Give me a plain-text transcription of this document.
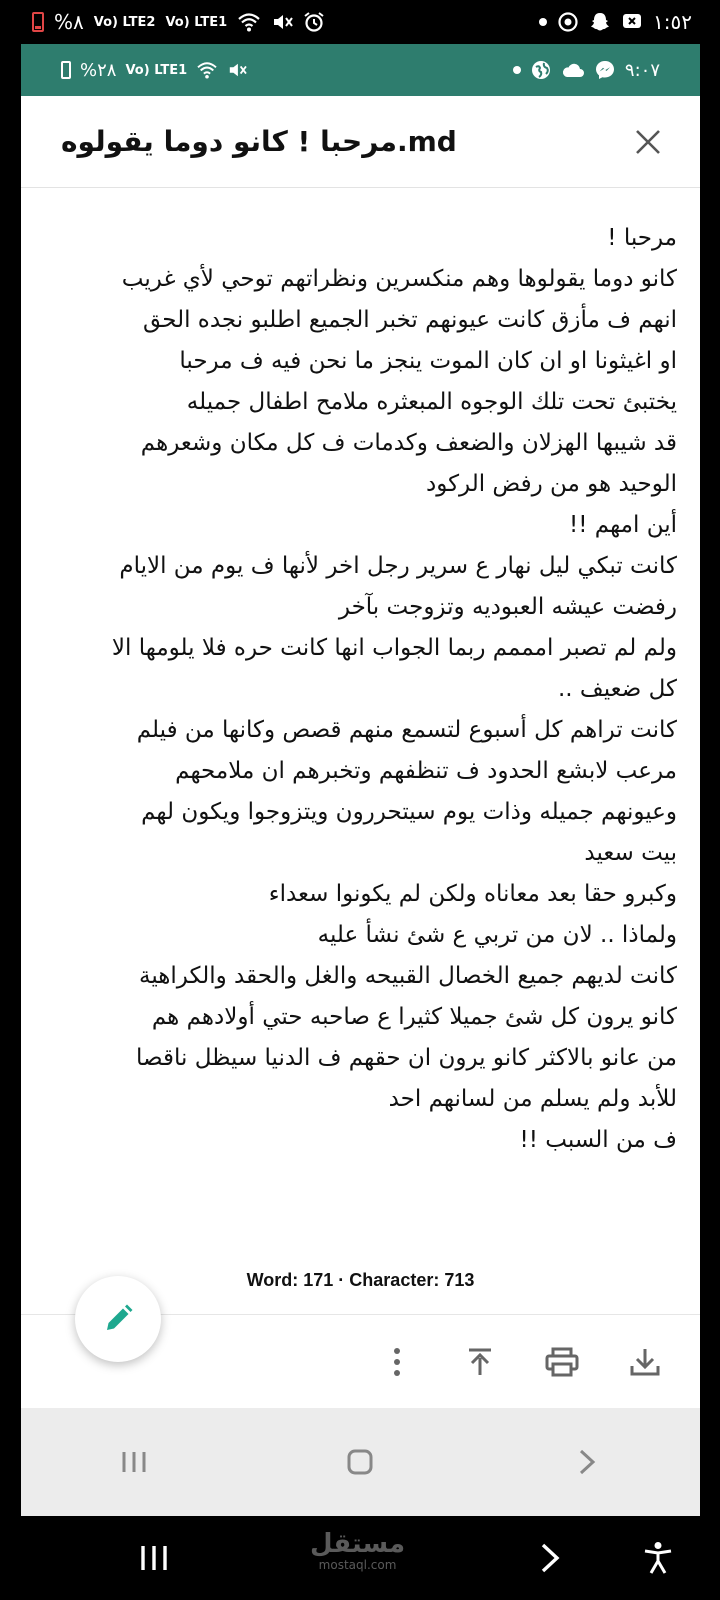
%٨ Vo) LTE2 Vo) LTE1	١:٥٢
%٢٨ Vo) LTE1	٩:٠٧
مرحبا ! كانو دوما يقولوه.md
مرحبا !
كانو دوما يقولوها وهم منكسرين ونظراتهم توحي لأي غريب
انهم ف مأزق كانت عيونهم تخبر الجميع اطلبو نجده الحق
او اغيثونا او ان كان الموت ينجز ما نحن فيه ف مرحبا
يختبئ تحت تلك الوجوه المبعثره ملامح اطفال جميله
قد شيبها الهزلان والضعف وكدمات ف كل مكان وشعرهم
الوحيد هو من رفض الركود
أين امهم !!
كانت تبكي ليل نهار ع سرير رجل اخر لأنها ف يوم من الايام
رفضت عيشه العبوديه وتزوجت بآخر
ولم لم تصبر امممم ربما الجواب انها كانت حره فلا يلومها الا
كل ضعيف ..
كانت تراهم كل أسبوع لتسمع منهم قصص وكانها من فيلم
مرعب لابشع الحدود ف تنظفهم وتخبرهم ان ملامحهم
وعيونهم جميله وذات يوم سيتحررون ويتزوجوا ويكون لهم
بيت سعيد
وكبرو حقا بعد معاناه ولكن لم يكونوا سعداء
ولماذا .. لان من تربي ع شئ نشأ عليه
كانت لديهم جميع الخصال القبيحه والغل والحقد والكراهية
كانو يرون كل شئ جميلا كثيرا ع صاحبه حتي أولادهم هم
من عانو بالاكثر كانو يرون ان حقهم ف الدنيا سيظل ناقصا
للأبد ولم يسلم من لسانهم احد
ف من السبب !!
Word: 171 · Character: 713
مستقل
mostaql.com
